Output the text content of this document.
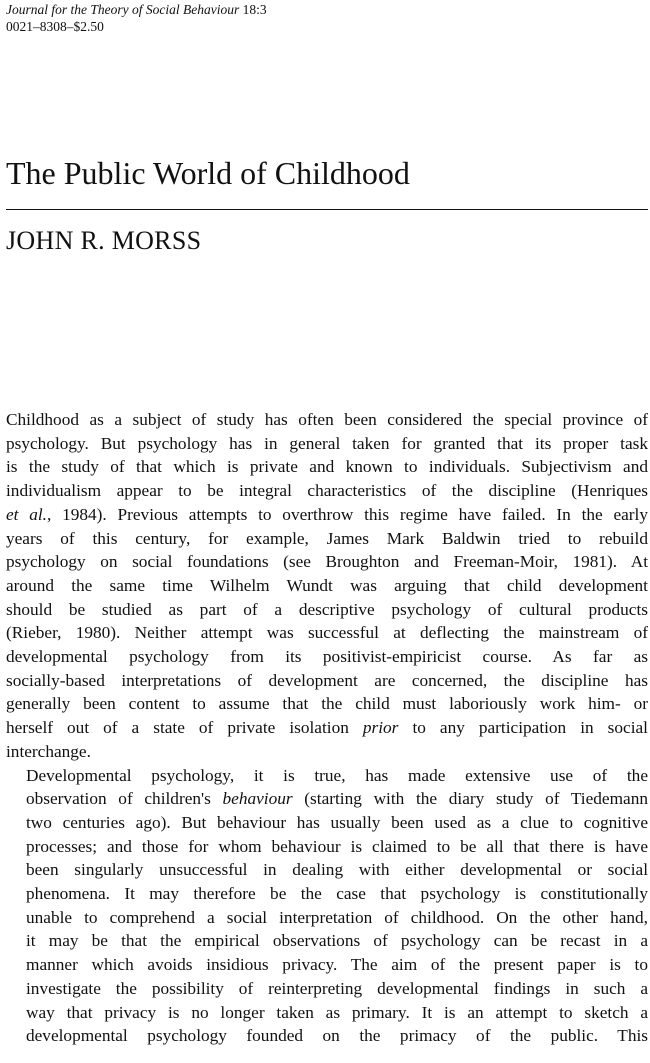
Journal for the Theory of Social Behaviour 18:3
0021–8308–$2.50
The Public World of Childhood
JOHN R. MORSS

Childhood as a subject of study has often been considered the special province of
psychology. But psychology has in general taken for granted that its proper task
is the study of that which is private and known to individuals. Subjectivism and
individualism appear to be integral characteristics of the discipline (Henriques
et al., 1984). Previous attempts to overthrow this regime have failed. In the early
years of this century, for example, James Mark Baldwin tried to rebuild
psychology on social foundations (see Broughton and Freeman-Moir, 1981). At
around the same time Wilhelm Wundt was arguing that child development
should be studied as part of a descriptive psychology of cultural products
(Rieber, 1980). Neither attempt was successful at deflecting the mainstream of
developmental psychology from its positivist-empiricist course. As far as
socially-based interpretations of development are concerned, the discipline has
generally been content to assume that the child must laboriously work him- or
herself out of a state of private isolation prior to any participation in social
interchange.

Developmental psychology, it is true, has made extensive use of the
observation of children's behaviour (starting with the diary study of Tiedemann
two centuries ago). But behaviour has usually been used as a clue to cognitive
processes; and those for whom behaviour is claimed to be all that there is have
been singularly unsuccessful in dealing with either developmental or social
phenomena. It may therefore be the case that psychology is constitutionally
unable to comprehend a social interpretation of childhood. On the other hand,
it may be that the empirical observations of psychology can be recast in a
manner which avoids insidious privacy. The aim of the present paper is to
investigate the possibility of reinterpreting developmental findings in such a
way that privacy is no longer taken as primary. It is an attempt to sketch a
developmental psychology founded on the primacy of the public. This
